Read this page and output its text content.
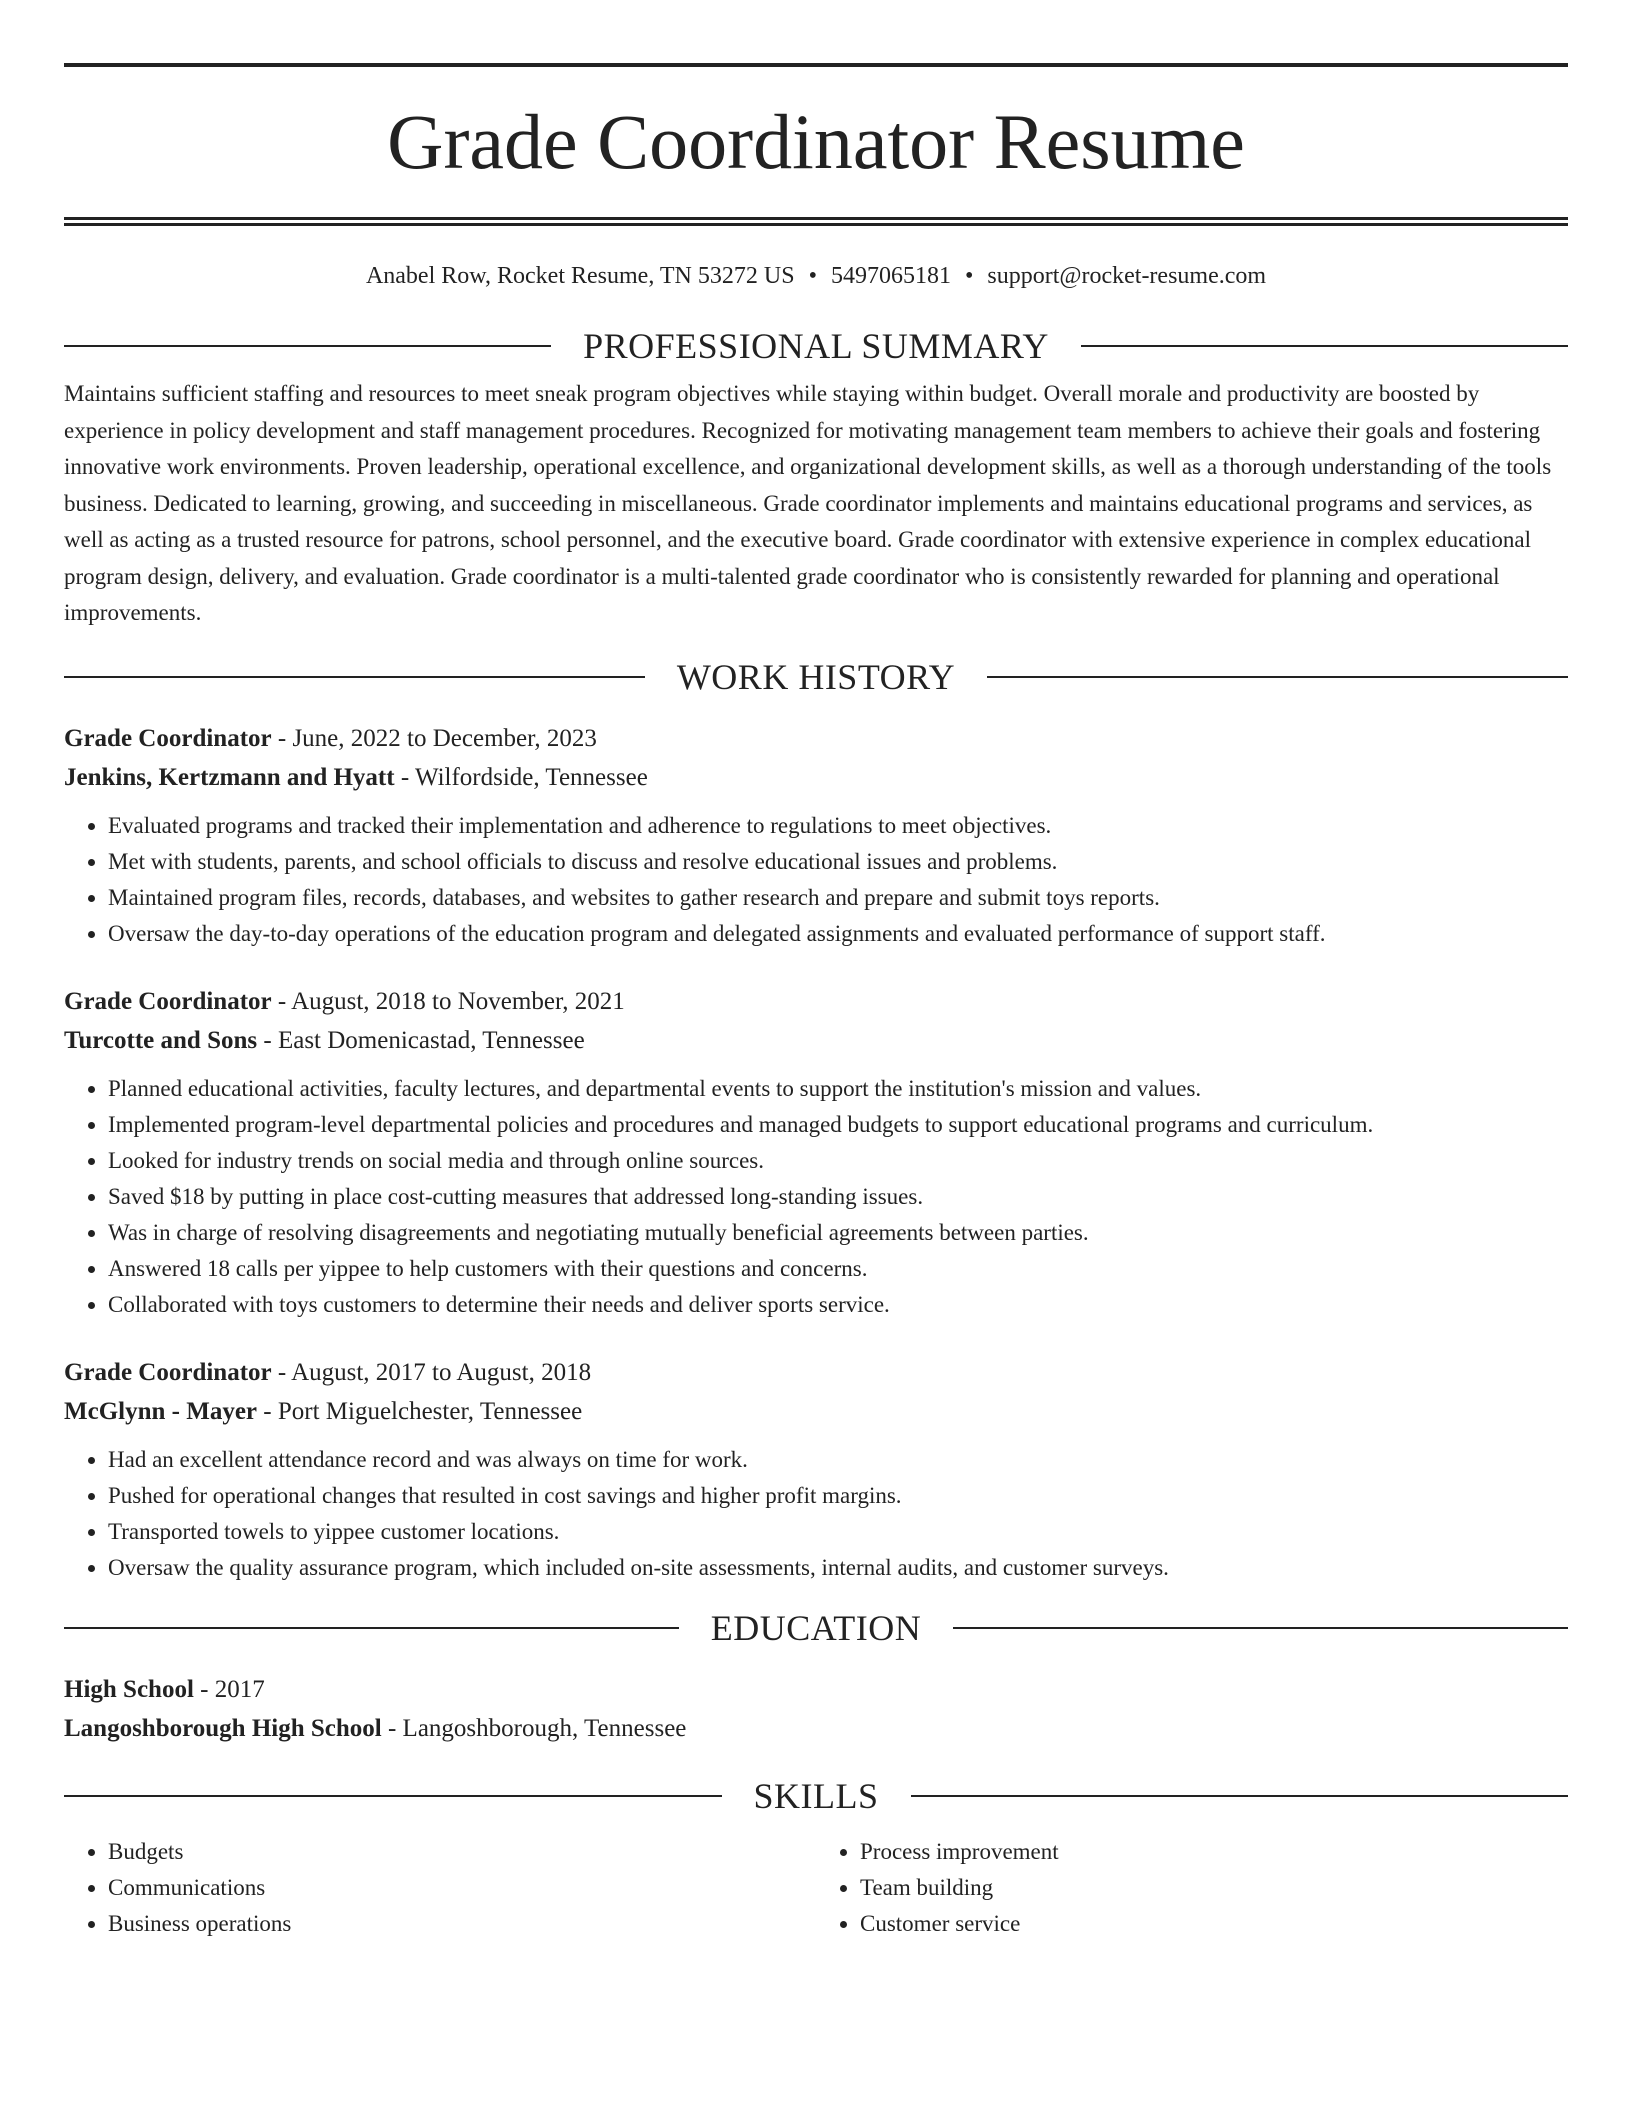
Grade Coordinator Resume
Anabel Row, Rocket Resume, TN 53272 US • 5497065181 • support@rocket-resume.com
PROFESSIONAL SUMMARY

Maintains sufficient staffing and resources to meet sneak program objectives while staying within budget. Overall morale and productivity are boosted by experience in policy development and staff management procedures. Recognized for motivating management team members to achieve their goals and fostering innovative work environments. Proven leadership, operational excellence, and organizational development skills, as well as a thorough understanding of the tools business. Dedicated to learning, growing, and succeeding in miscellaneous. Grade coordinator implements and maintains educational programs and services, as well as acting as a trusted resource for patrons, school personnel, and the executive board. Grade coordinator with extensive experience in complex educational program design, delivery, and evaluation. Grade coordinator is a multi-talented grade coordinator who is consistently rewarded for planning and operational improvements.

WORK HISTORY
Grade Coordinator - June, 2022 to December, 2023
Jenkins, Kertzmann and Hyatt - Wilfordside, Tennessee
• Evaluated programs and tracked their implementation and adherence to regulations to meet objectives.
• Met with students, parents, and school officials to discuss and resolve educational issues and problems.
• Maintained program files, records, databases, and websites to gather research and prepare and submit toys reports.
• Oversaw the day-to-day operations of the education program and delegated assignments and evaluated performance of support staff.
Grade Coordinator - August, 2018 to November, 2021
Turcotte and Sons - East Domenicastad, Tennessee
• Planned educational activities, faculty lectures, and departmental events to support the institution's mission and values.
• Implemented program-level departmental policies and procedures and managed budgets to support educational programs and curriculum.
• Looked for industry trends on social media and through online sources.
• Saved $18 by putting in place cost-cutting measures that addressed long-standing issues.
• Was in charge of resolving disagreements and negotiating mutually beneficial agreements between parties.
• Answered 18 calls per yippee to help customers with their questions and concerns.
• Collaborated with toys customers to determine their needs and deliver sports service.
Grade Coordinator - August, 2017 to August, 2018
McGlynn - Mayer - Port Miguelchester, Tennessee
• Had an excellent attendance record and was always on time for work.
• Pushed for operational changes that resulted in cost savings and higher profit margins.
• Transported towels to yippee customer locations.
• Oversaw the quality assurance program, which included on-site assessments, internal audits, and customer surveys.
EDUCATION
High School - 2017
Langoshborough High School - Langoshborough, Tennessee
SKILLS
• Budgets
• Communications
• Business operations
• Process improvement
• Team building
• Customer service
